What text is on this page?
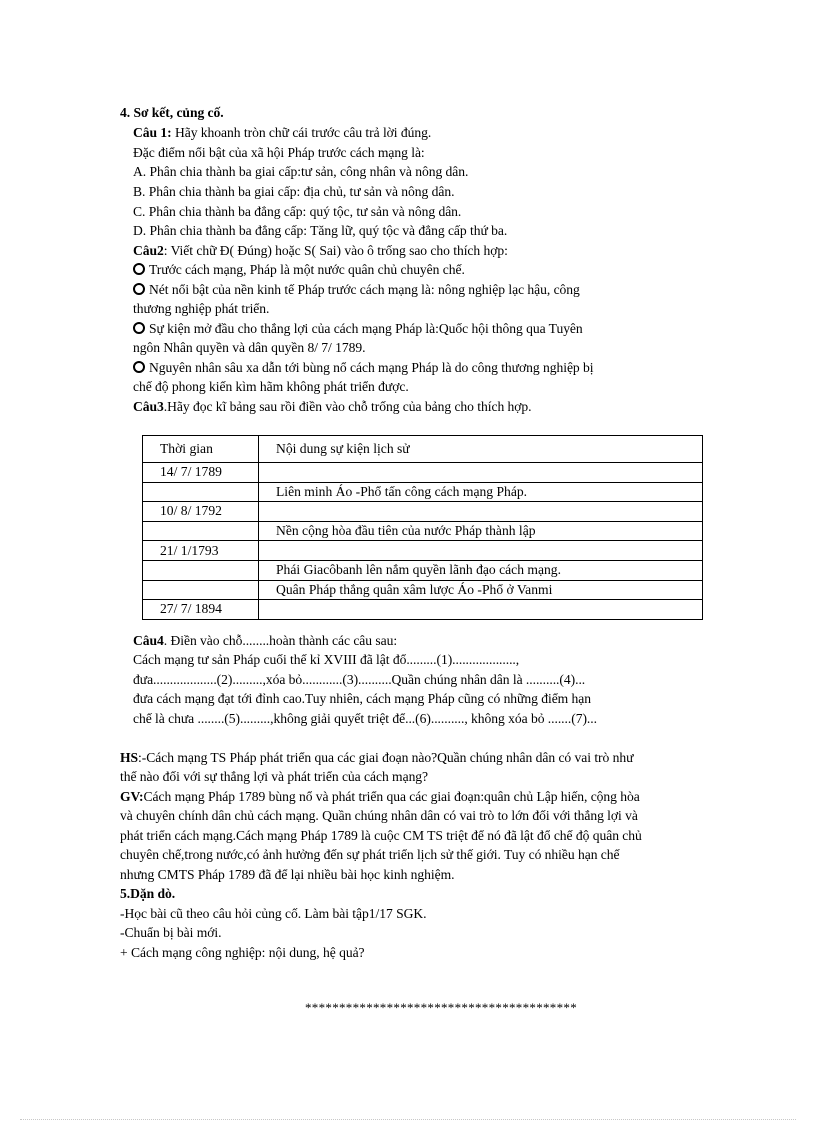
4. Sơ kết, củng cố.
Câu 1: Hãy khoanh tròn chữ cái trước câu trả lời đúng.
Đặc điểm nổi bật của xã hội Pháp trước cách mạng là:
A. Phân chia thành ba giai cấp:tư sản, công nhân và nông dân.
B. Phân chia thành ba giai cấp: địa chủ, tư sản và nông dân.
C. Phân chia thành ba đẳng cấp: quý tộc, tư sản và nông dân.
D. Phân chia thành ba đẳng cấp: Tăng lữ, quý tộc và đẳng cấp thứ ba.
Câu2: Viết chữ Đ( Đúng) hoặc S( Sai) vào ô trống sao cho thích hợp:
Trước cách mạng, Pháp là một nước quân chủ chuyên chế.
Nét nổi bật của nền kinh tế Pháp trước cách mạng là: nông nghiệp lạc hậu, công
thương nghiệp phát triển.
Sự kiện mở đầu cho thắng lợi của cách mạng Pháp là:Quốc hội thông qua Tuyên
ngôn Nhân quyền và dân quyền 8/ 7/ 1789.
Nguyên nhân sâu xa dẫn tới bùng nổ cách mạng Pháp là do công thương nghiệp bị
chế độ phong kiến kìm hãm không phát triển được.
Câu3.Hãy đọc kĩ bảng sau rồi điền vào chỗ trống của bảng cho thích hợp.
Thời gian	Nội dung sự kiện lịch sử
14/ 7/ 1789	
	Liên minh Áo -Phổ tấn công cách mạng Pháp.
10/ 8/ 1792	
	Nền cộng hòa đầu tiên của nước Pháp thành lập
21/ 1/1793	
	Phái Giacôbanh lên nắm quyền lãnh đạo cách mạng.
	Quân Pháp thắng quân xâm lược Áo -Phổ ở Vanmi
27/ 7/ 1894	
Câu4. Điền vào chỗ........hoàn thành các câu sau:
Cách mạng tư sản Pháp cuối thế kỉ XVIII đã lật đổ.........(1)...................,
đưa...................(2).........,xóa bỏ............(3)..........Quần chúng nhân dân là ..........(4)...
đưa cách mạng đạt tới đỉnh cao.Tuy nhiên, cách mạng Pháp cũng có những điểm hạn
chế là chưa ........(5).........,không giải quyết triệt để...(6).........., không xóa bỏ .......(7)...
HS:-Cách mạng TS Pháp phát triển qua các giai đoạn nào?Quần chúng nhân dân có vai trò như
thế nào đối với sự thắng lợi và phát triển của cách mạng?
GV:Cách mạng Pháp 1789 bùng nổ và phát triển qua các giai đoạn:quân chủ Lập hiến, cộng hòa
và chuyên chính dân chủ cách mạng. Quần chúng nhân dân có vai trò to lớn đối với thắng lợi và
phát triển cách mạng.Cách mạng Pháp 1789 là cuộc CM TS triệt để nó đã lật đổ chế độ quân chủ
chuyên chế,trong nước,có ảnh hưởng đến sự phát triển lịch sử thế giới. Tuy có nhiều hạn chế
nhưng CMTS Pháp 1789 đã để lại nhiều bài học kinh nghiệm.
5.Dặn dò.
-Học bài cũ theo câu hỏi củng cố. Làm bài tập1/17 SGK.
-Chuẩn bị bài mới.
+ Cách mạng công nghiệp: nội dung, hệ quả?
****************************************
